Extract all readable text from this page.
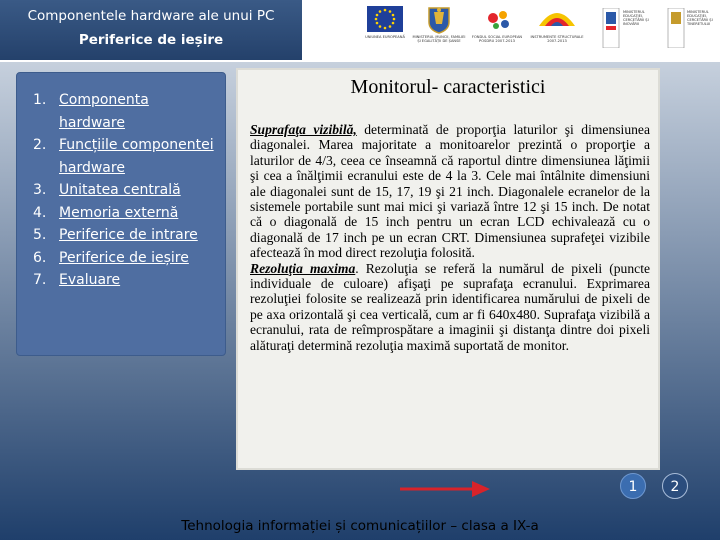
Componentele hardware ale unui PC
Periferice de ieșire	UNIUNEA EUROPEANĂ	MINISTERUL MUNCII, FAMILIEI ȘI EGALITĂȚII DE ȘANSE
FONDUL SOCIAL EUROPEAN POSDRU 2007-2013
INSTRUMENTE STRUCTURALE 2007-2013
MINISTERUL EDUCAȚIEI, CERCETĂRII ȘI INOVĂRII
MINISTERUL EDUCAȚIEI, CERCETĂRII ȘI TINERETULUI
1. Componenta hardware
2. Funcțiile componentei hardware
3. Unitatea centrală
4. Memoria externă
5. Periferice de intrare
6. Periferice de ieșire
7. Evaluare
Monitorul- caracteristici
Suprafaţa vizibilă, determinată de proporţia laturilor şi dimensiunea diagonalei. Marea majoritate a monitoarelor prezintă o proporţie a laturilor de 4/3, ceea ce înseamnă că raportul dintre dimensiunea lăţimii şi cea a înălţimii ecranului este de 4 la 3. Cele mai întâlnite dimensiuni ale diagonalei sunt de 15, 17, 19 şi 21 inch. Diagonalele ecranelor de la sistemele portabile sunt mai mici şi variază între 12 şi 15 inch. De notat că o diagonală de 15 inch pentru un ecran LCD echivalează cu o diagonală de 17 inch pe un ecran CRT. Dimensiunea suprafeţei vizibile afectează în mod direct rezoluţia folosită.
Rezoluţia maxima. Rezoluţia se referă la numărul de pixeli (puncte individuale de culoare) afişaţi pe suprafaţa ecranului. Exprimarea rezoluţiei folosite se realizează prin identificarea numărului de pixeli de pe axa orizontală şi cea verticală, cum ar fi 640x480. Suprafaţa vizibilă a ecranului, rata de reîmprospătare a imaginii şi distanţa dintre doi pixeli alăturaţi determină rezoluţia maximă suportată de monitor.
1	2
Tehnologia informației și comunicațiilor – clasa a IX-a
